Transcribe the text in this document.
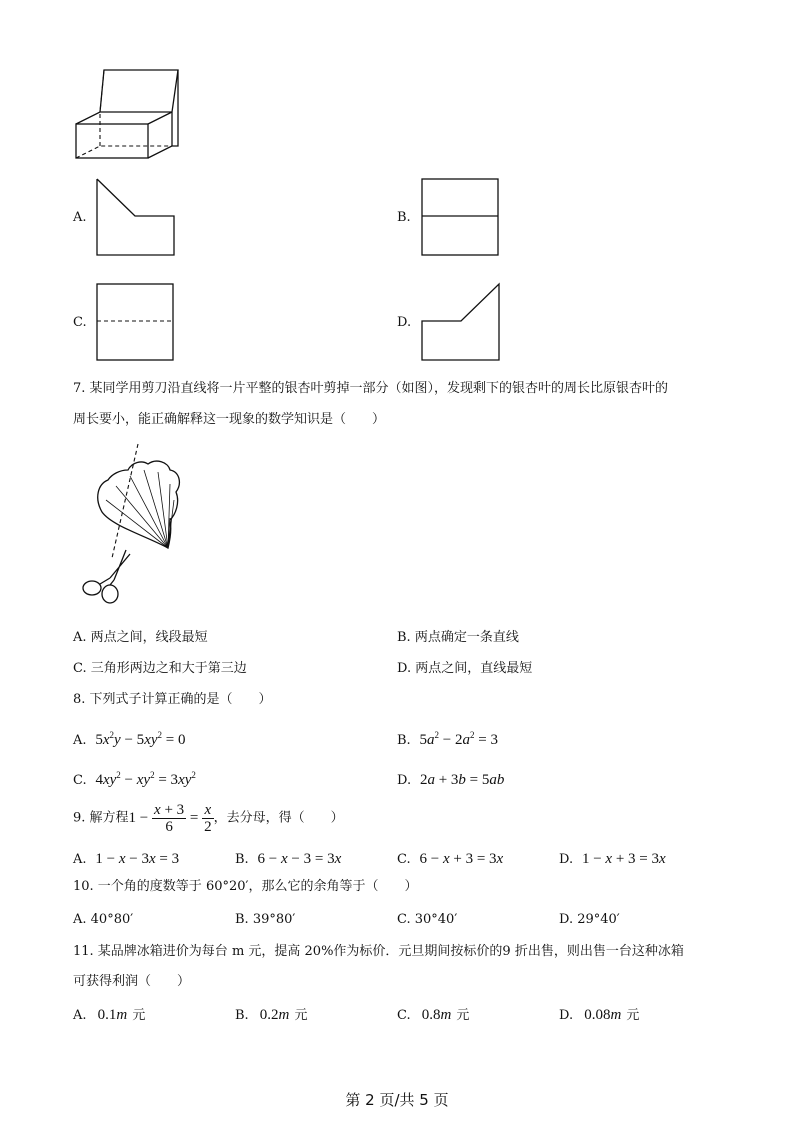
A.	B.
C.	D.
7. 某同学用剪刀沿直线将一片平整的银杏叶剪掉一部分（如图），发现剩下的银杏叶的周长比原银杏叶的
周长要小，能正确解释这一现象的数学知识是（　　）
A. 两点之间，线段最短	B. 两点确定一条直线
C. 三角形两边之和大于第三边	D. 两点之间，直线最短
8. 下列式子计算正确的是（　　）
A.  $5x^2y - 5xy^2 = 0$	B.  $5a^2 - 2a^2 = 3$
C.  $4xy^2 - xy^2 = 3xy^2$	D.  2a + 3b = 5ab
9. 解方程$1 - \frac{x + 3}{6} = \frac{x}{2}$ ，去分母，得（　　）
A.  1 − x − 3x = 3	B.  6 − x − 3 = 3x	C.  6 − x + 3 = 3x	D.  1 − x + 3 = 3x
10. 一个角的度数等于 60°20′，那么它的余角等于（　　）
A. 40°80′	B. 39°80′	C. 30°40′	D. 29°40′
11. 某品牌冰箱进价为每台 m 元，提高 20%作为标价．元旦期间按标价的9 折出售，则出售一台这种冰箱
可获得利润（　　）
A. 0.1m 元	B. 0.2m 元	C. 0.8m 元	D. 0.08m 元
第 2 页/共 5 页
